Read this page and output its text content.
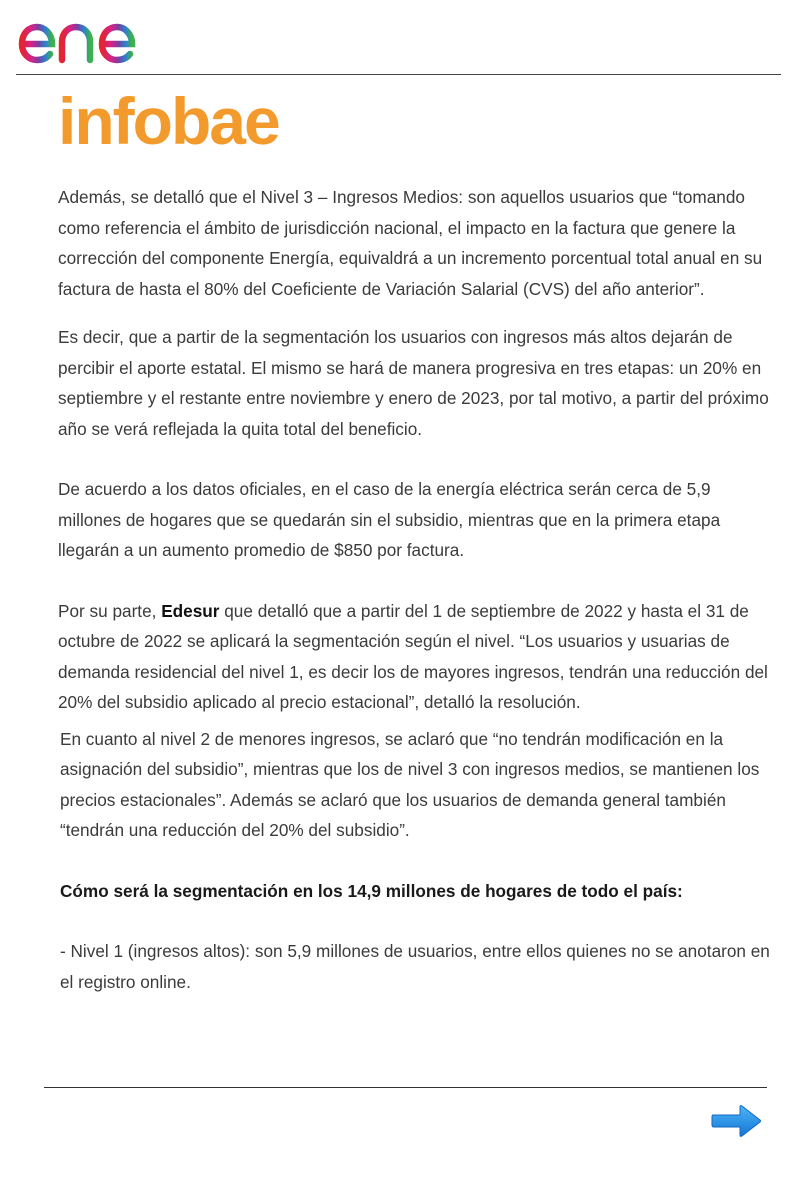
infobae

Además, se detalló que el Nivel 3 – Ingresos Medios: son aquellos usuarios que “tomando como referencia el ámbito de jurisdicción nacional, el impacto en la factura que genere la corrección del componente Energía, equivaldrá a un incremento porcentual total anual en su factura de hasta el 80% del Coeficiente de Variación Salarial (CVS) del año anterior”.

Es decir, que a partir de la segmentación los usuarios con ingresos más altos dejarán de percibir el aporte estatal. El mismo se hará de manera progresiva en tres etapas: un 20% en septiembre y el restante entre noviembre y enero de 2023, por tal motivo, a partir del próximo año se verá reflejada la quita total del beneficio.

De acuerdo a los datos oficiales, en el caso de la energía eléctrica serán cerca de 5,9 millones de hogares que se quedarán sin el subsidio, mientras que en la primera etapa llegarán a un aumento promedio de $850 por factura.

Por su parte, Edesur que detalló que a partir del 1 de septiembre de 2022 y hasta el 31 de octubre de 2022 se aplicará la segmentación según el nivel. “Los usuarios y usuarias de demanda residencial del nivel 1, es decir los de mayores ingresos, tendrán una reducción del 20% del subsidio aplicado al precio estacional”, detalló la resolución.

En cuanto al nivel 2 de menores ingresos, se aclaró que “no tendrán modificación en la asignación del subsidio”, mientras que los de nivel 3 con ingresos medios, se mantienen los precios estacionales”. Además se aclaró que los usuarios de demanda general también “tendrán una reducción del 20% del subsidio”.

Cómo será la segmentación en los 14,9 millones de hogares de todo el país:

- Nivel 1 (ingresos altos): son 5,9 millones de usuarios, entre ellos quienes no se anotaron en el registro online.
